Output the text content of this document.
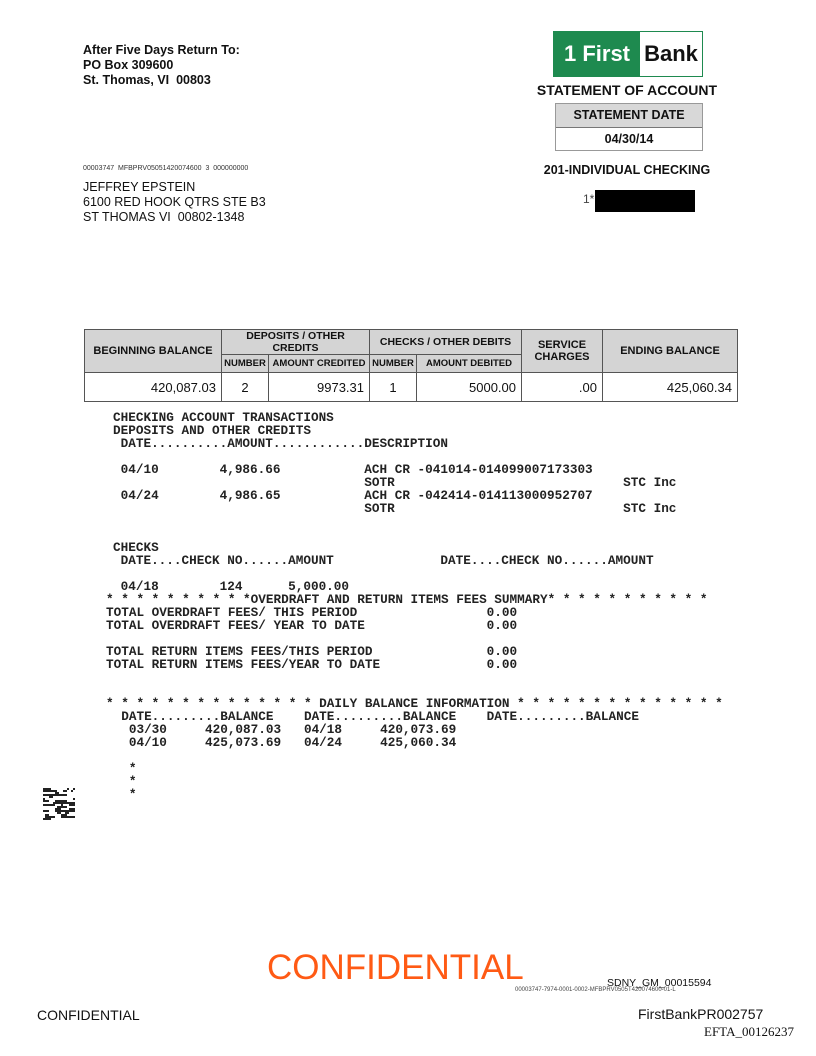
After Five Days Return To:
PO Box 309600
St. Thomas, VI  00803
1 First Bank
STATEMENT OF ACCOUNT
STATEMENT DATE
04/30/14
201-INDIVIDUAL CHECKING
1*
00003747  MFBPRV05051420074600  3  000000000
JEFFREY EPSTEIN
6100 RED HOOK QTRS STE B3
ST THOMAS VI  00802-1348
BEGINNING BALANCE	DEPOSITS / OTHER CREDITS		CHECKS / OTHER DEBITS		SERVICE CHARGES	ENDING BALANCE
	NUMBER	AMOUNT CREDITED	NUMBER	AMOUNT DEBITED		
420,087.03	2	9973.31	1	5000.00	.00	425,060.34
CHECKING ACCOUNT TRANSACTIONS
DEPOSITS AND OTHER CREDITS
DATE..........AMOUNT............DESCRIPTION
04/10        4,986.66           ACH CR -041014-014099007173303
SOTR                              STC Inc
04/24        4,986.65           ACH CR -042414-014113000952707
SOTR                              STC Inc
CHECKS
DATE....CHECK NO......AMOUNT              DATE....CHECK NO......AMOUNT
04/18        124      5,000.00
* * * * * * * * * *OVERDRAFT AND RETURN ITEMS FEES SUMMARY* * * * * * * * * * *
TOTAL OVERDRAFT FEES/ THIS PERIOD                 0.00
TOTAL OVERDRAFT FEES/ YEAR TO DATE                0.00
TOTAL RETURN ITEMS FEES/THIS PERIOD               0.00
TOTAL RETURN ITEMS FEES/YEAR TO DATE              0.00
* * * * * * * * * * * * * * DAILY BALANCE INFORMATION * * * * * * * * * * * * * *
DATE.........BALANCE    DATE.........BALANCE    DATE.........BALANCE
03/30     420,087.03   04/18     420,073.69
04/10     425,073.69   04/24     425,060.34
*
*
*
CONFIDENTIAL	SDNY_GM_00015594
00003747-7974-0001-0002-MFBPRV0505T420074600-01-L
CONFIDENTIAL	FirstBankPR002757
EFTA_00126237
